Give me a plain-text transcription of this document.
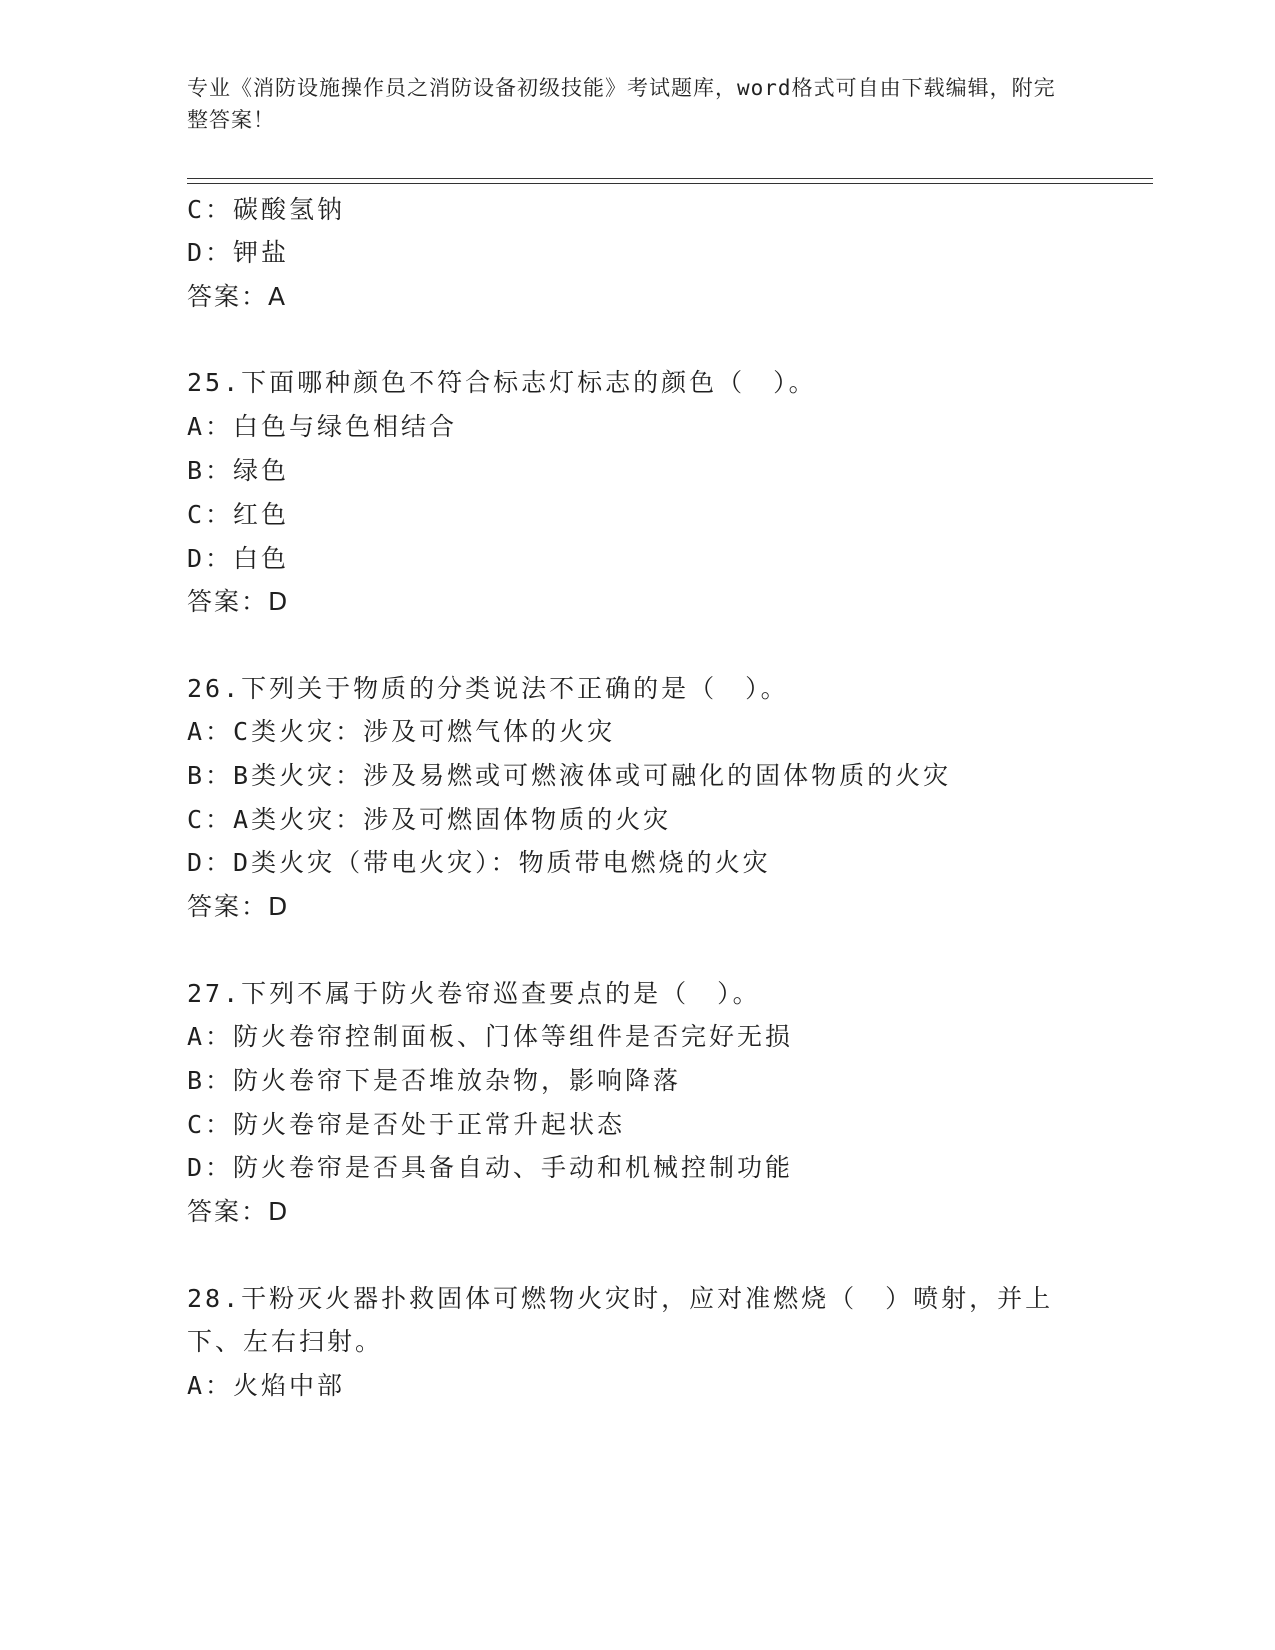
专业《消防设施操作员之消防设备初级技能》考试题库，word格式可自由下载编辑，附完整答案！
C：碳酸氢钠
D：钾盐
答案：A
25.下面哪种颜色不符合标志灯标志的颜色（　）。
A：白色与绿色相结合
B：绿色
C：红色
D：白色
答案：D
26.下列关于物质的分类说法不正确的是（　）。
A：C类火灾：涉及可燃气体的火灾
B：B类火灾：涉及易燃或可燃液体或可融化的固体物质的火灾
C：A类火灾：涉及可燃固体物质的火灾
D：D类火灾（带电火灾）：物质带电燃烧的火灾
答案：D
27.下列不属于防火卷帘巡查要点的是（　）。
A：防火卷帘控制面板、门体等组件是否完好无损
B：防火卷帘下是否堆放杂物，影响降落
C：防火卷帘是否处于正常升起状态
D：防火卷帘是否具备自动、手动和机械控制功能
答案：D
28.干粉灭火器扑救固体可燃物火灾时，应对准燃烧（　）喷射，并上
下、左右扫射。
A：火焰中部
